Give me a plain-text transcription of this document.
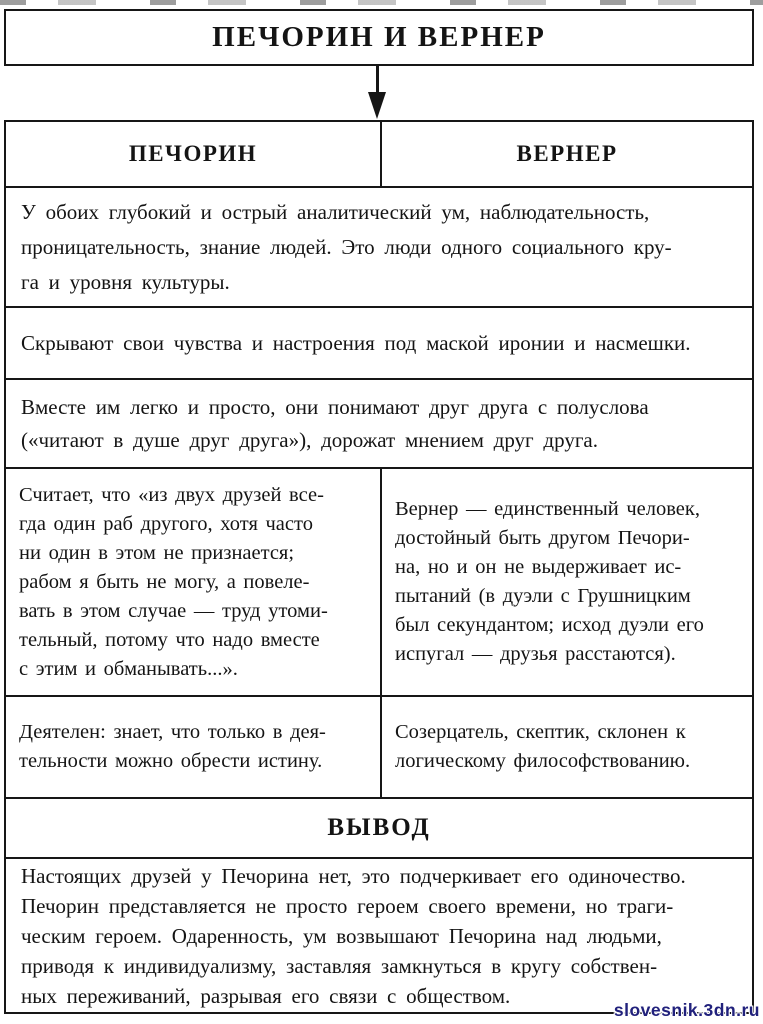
ПЕЧОРИН И ВЕРНЕР
ПЕЧОРИН	ВЕРНЕР
У обоих глубокий и острый аналитический ум, наблюдательность,
проницательность, знание людей. Это люди одного социального кру-
га и уровня культуры.
Скрывают свои чувства и настроения под маской иронии и насмешки.
Вместе им легко и просто, они понимают друг друга с полуслова
(«читают в душе друг друга»), дорожат мнением друг друга.
Считает, что «из двух друзей все-
гда один раб другого, хотя часто
ни один в этом не признается;
рабом я быть не могу, а повеле-
вать в этом случае — труд утоми-
тельный, потому что надо вместе
с этим и обманывать...».
Вернер — единственный человек,
достойный быть другом Печори-
на, но и он не выдерживает ис-
пытаний (в дуэли с Грушницким
был секундантом; исход дуэли его
испугал — друзья расстаются).
Деятелен: знает, что только в дея-
тельности можно обрести истину.
Созерцатель, скептик, склонен к
логическому философствованию.
ВЫВОД
Настоящих друзей у Печорина нет, это подчеркивает его одиночество.
Печорин представляется не просто героем своего времени, но траги-
ческим героем. Одаренность, ум возвышают Печорина над людьми,
приводя к индивидуализму, заставляя замкнуться в кругу собствен-
ных переживаний, разрывая его связи с обществом.
slovesnik.3dn.ru
